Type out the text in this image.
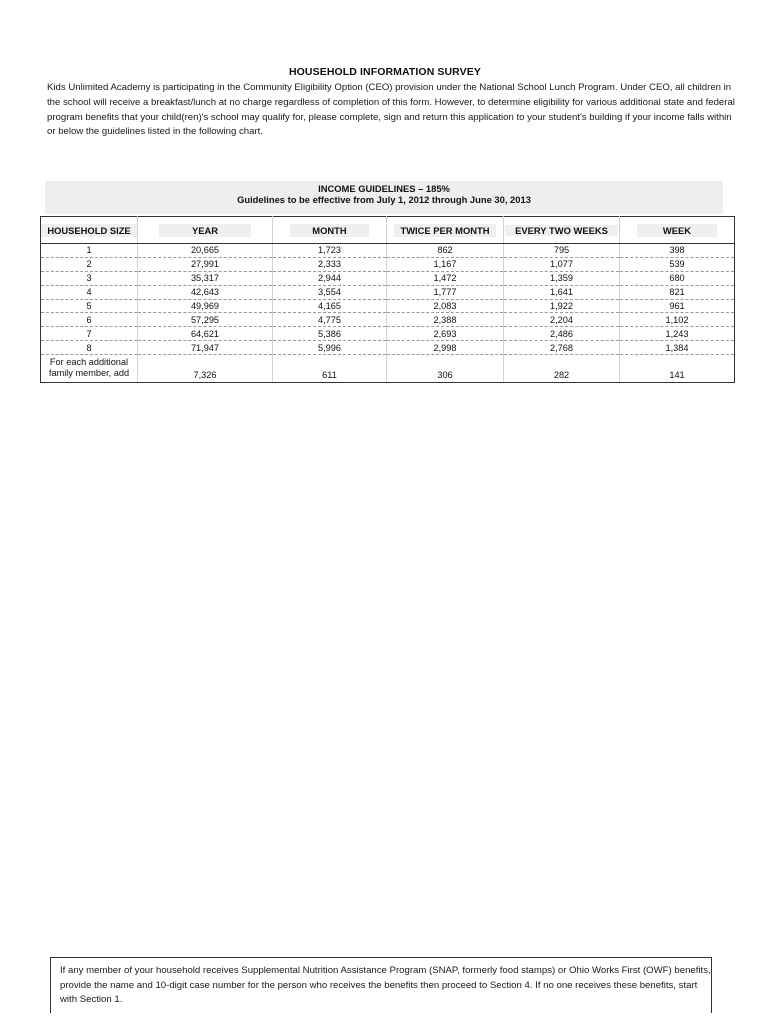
HOUSEHOLD INFORMATION SURVEY
Kids Unlimited Academy is participating in the Community Eligibility Option (CEO) provision under the National School Lunch Program. Under CEO, all children in the school will receive a breakfast/lunch at no charge regardless of completion of this form. However, to determine eligibility for various additional state and federal program benefits that your child(ren)'s school may qualify for, please complete, sign and return this application to your student's building if your income falls within or below the guidelines listed in the following chart.
INCOME GUIDELINES – 185%
Guidelines to be effective from July 1, 2012 through June 30, 2013
HOUSEHOLD SIZE	YEAR	MONTH	TWICE PER MONTH	EVERY TWO WEEKS	WEEK
1	20,665	1,723	862	795	398
2	27,991	2,333	1,167	1,077	539
3	35,317	2,944	1,472	1,359	680
4	42,643	3,554	1,777	1,641	821
5	49,969	4,165	2,083	1,922	961
6	57,295	4,775	2,388	2,204	1,102
7	64,621	5,386	2,693	2,486	1,243
8	71,947	5,996	2,998	2,768	1,384
For each additional
family member, add	7,326	611	306	282	141
If any member of your household receives Supplemental Nutrition Assistance Program (SNAP, formerly food stamps) or Ohio Works First (OWF) benefits, provide the name and 10-digit case number for the person who receives the benefits then proceed to Section 4. If no one receives these benefits, start with Section 1.
